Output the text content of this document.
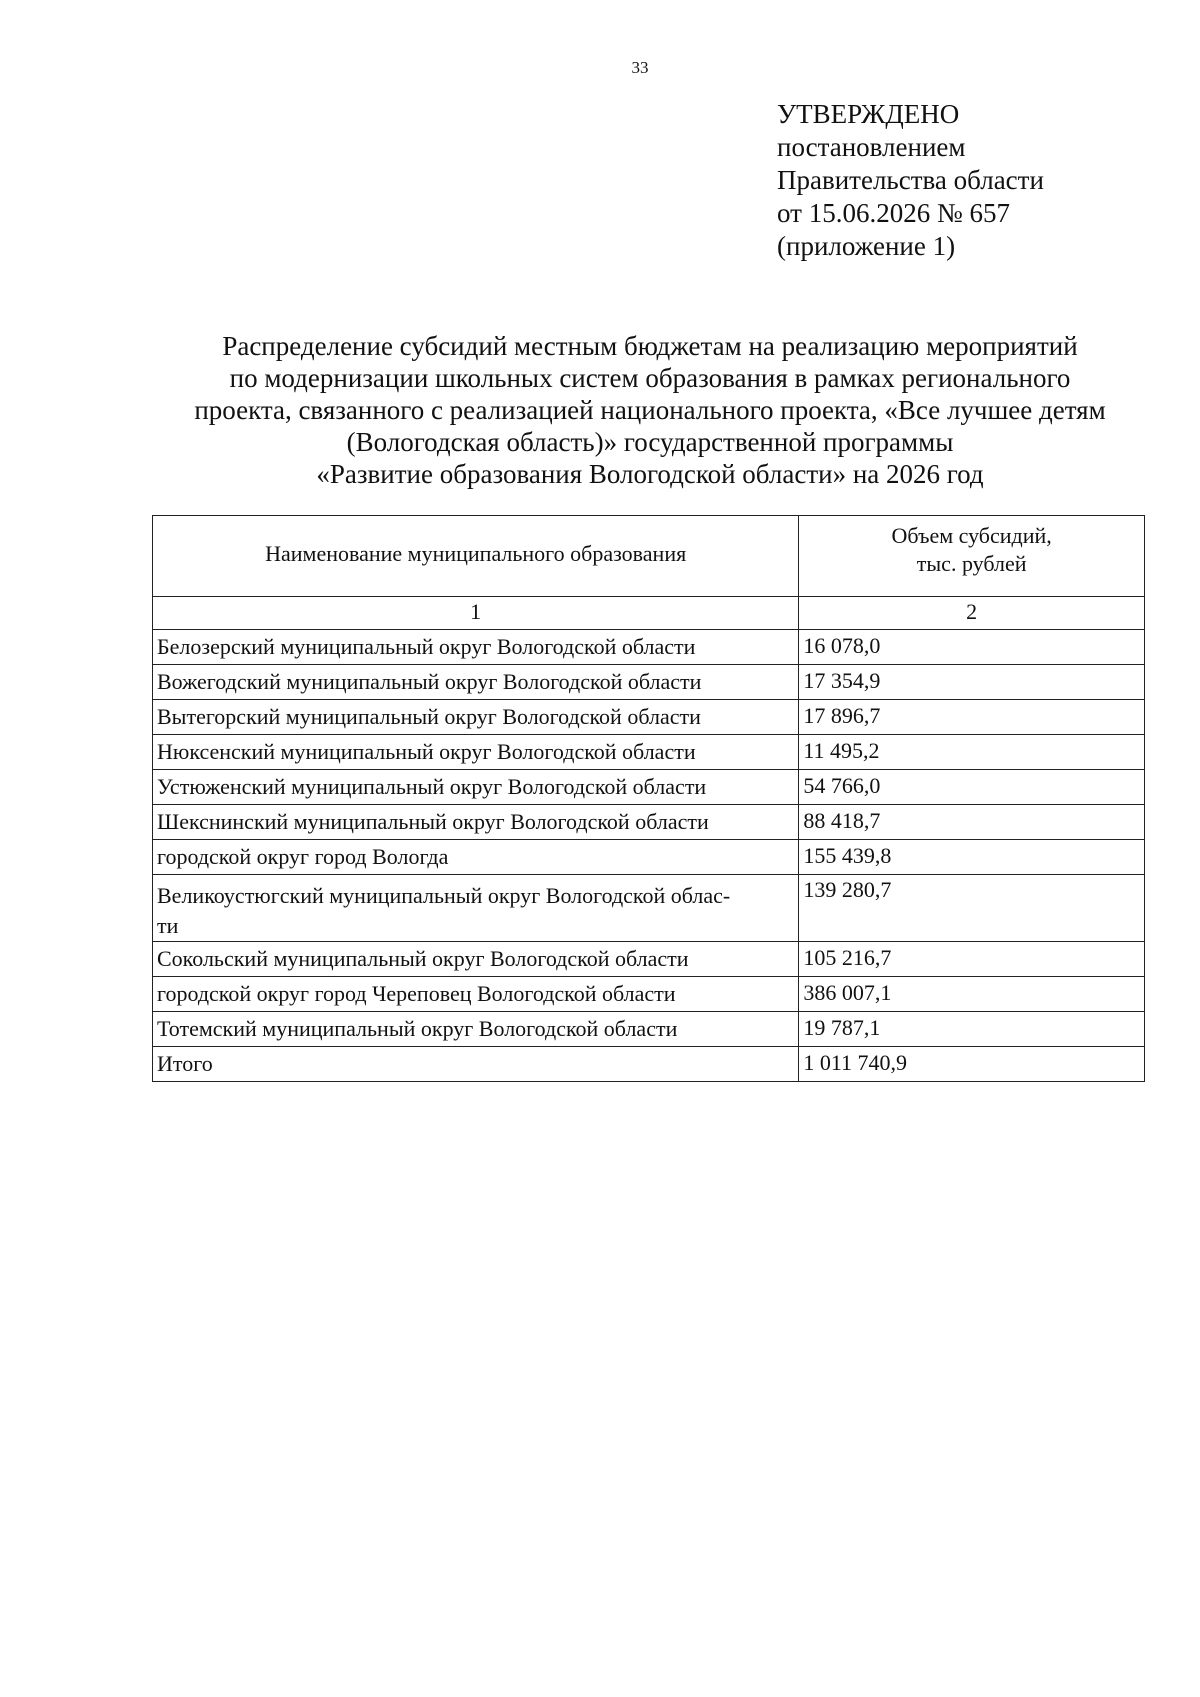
33
УТВЕРЖДЕНО
постановлением
Правительства области
от 15.06.2026 № 657
(приложение 1)
Распределение субсидий местным бюджетам на реализацию мероприятий
по модернизации школьных систем образования в рамках регионального
проекта, связанного с реализацией национального проекта, «Все лучшее детям
(Вологодская область)» государственной программы
«Развитие образования Вологодской области» на 2026 год
Наименование муниципального образования	Объем субсидий,
тыс. рублей
1	2
Белозерский муниципальный округ Вологодской области	16 078,0
Вожегодский муниципальный округ Вологодской области	17 354,9
Вытегорский муниципальный округ Вологодской области	17 896,7
Нюксенский муниципальный округ Вологодской области	11 495,2
Устюженский муниципальный округ Вологодской области	54 766,0
Шекснинский муниципальный округ Вологодской области	88 418,7
городской округ город Вологда	155 439,8
Великоустюгский муниципальный округ Вологодской облас-
ти	139 280,7
Сокольский муниципальный округ Вологодской области	105 216,7
городской округ город Череповец Вологодской области	386 007,1
Тотемский муниципальный округ Вологодской области	19 787,1
Итого	1 011 740,9
